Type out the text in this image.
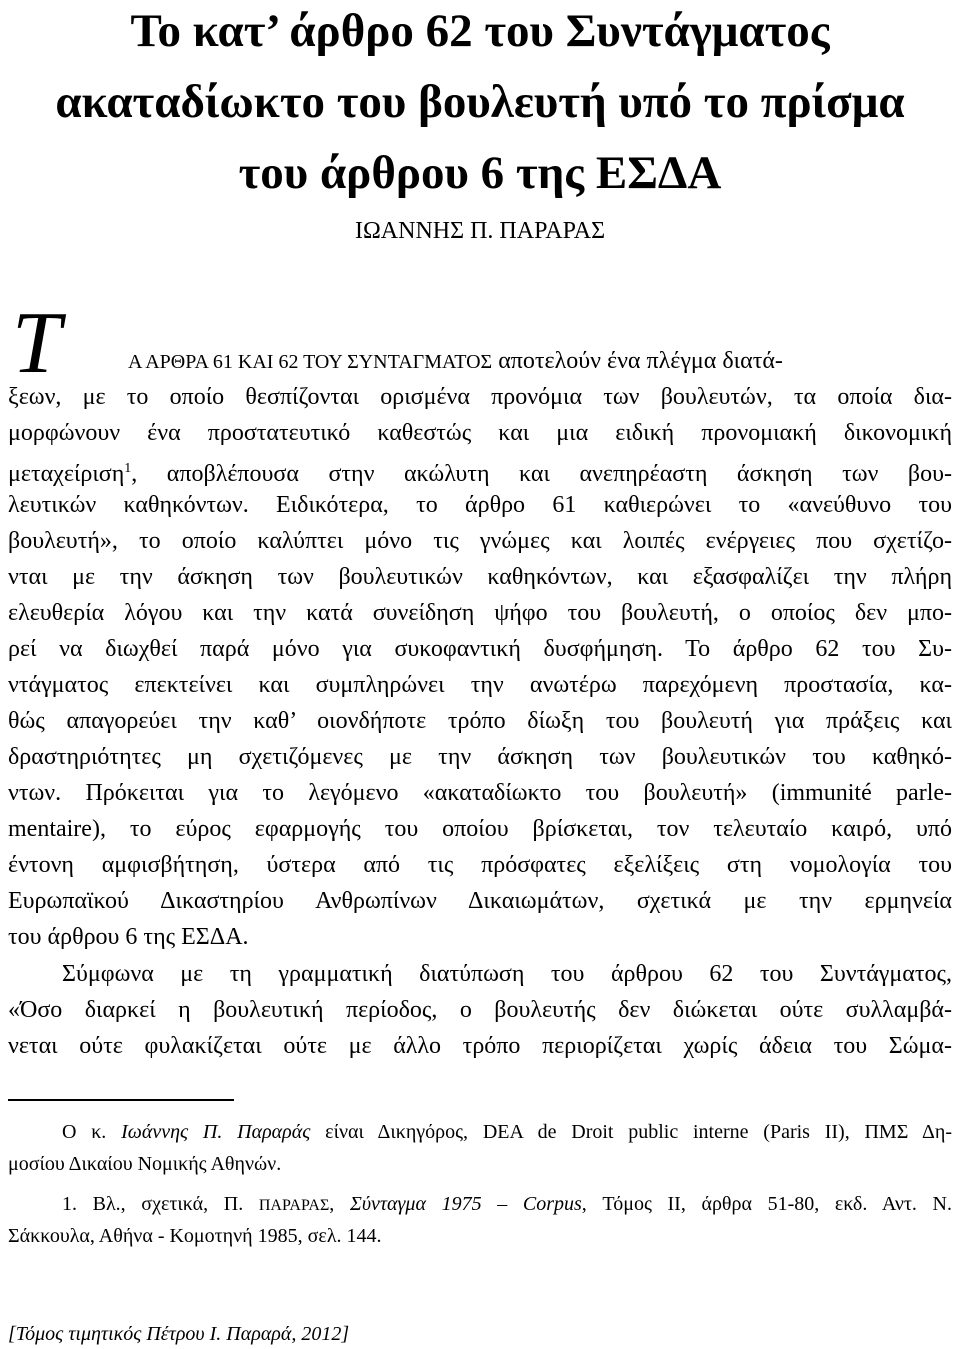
Το κατ’ άρθρο 62 του Συντάγματος
ακαταδίωκτο του βουλευτή υπό το πρίσμα
του άρθρου 6 της ΕΣΔΑ
ΙΩΑΝΝΗΣ Π. ΠΑΡΑΡΑΣ
Τ	Α ΑΡΘΡΑ 61 ΚΑΙ 62 ΤΟΥ ΣΥΝΤΑΓΜΑΤΟΣ αποτελούν ένα πλέγμα διατά-
ξεων, με το οποίο θεσπίζονται ορισμένα προνόμια των βουλευτών, τα οποία δια-
μορφώνουν ένα προστατευτικό καθεστώς και μια ειδική προνομιακή δικονομική
μεταχείριση$^1$, αποβλέπουσα στην ακώλυτη και ανεπηρέαστη άσκηση των βου-
λευτικών καθηκόντων. Ειδικότερα, το άρθρο 61 καθιερώνει το «ανεύθυνο του
βουλευτή», το οποίο καλύπτει μόνο τις γνώμες και λοιπές ενέργειες που σχετίζο-
νται με την άσκηση των βουλευτικών καθηκόντων, και εξασφαλίζει την πλήρη
ελευθερία λόγου και την κατά συνείδηση ψήφο του βουλευτή, ο οποίος δεν μπο-
ρεί να διωχθεί παρά μόνο για συκοφαντική δυσφήμηση. Το άρθρο 62 του Συ-
ντάγματος επεκτείνει και συμπληρώνει την ανωτέρω παρεχόμενη προστασία, κα-
θώς απαγορεύει την καθ’ οιονδήποτε τρόπο δίωξη του βουλευτή για πράξεις και
δραστηριότητες μη σχετιζόμενες με την άσκηση των βουλευτικών του καθηκό-
ντων. Πρόκειται για το λεγόμενο «ακαταδίωκτο του βουλευτή» (immunité parle-
mentaire), το εύρος εφαρμογής του οποίου βρίσκεται, τον τελευταίο καιρό, υπό
έντονη αμφισβήτηση, ύστερα από τις πρόσφατες εξελίξεις στη νομολογία του
Ευρωπαϊκού Δικαστηρίου Ανθρωπίνων Δικαιωμάτων, σχετικά με την ερμηνεία
του άρθρου 6 της ΕΣΔΑ.
Σύμφωνα με τη γραμματική διατύπωση του άρθρου 62 του Συντάγματος,
«Όσο διαρκεί η βουλευτική περίοδος, ο βουλευτής δεν διώκεται ούτε συλλαμβά-
νεται ούτε φυλακίζεται ούτε με άλλο τρόπο περιορίζεται χωρίς άδεια του Σώμα-
Ο κ. Ιωάννης Π. Παραράς είναι Δικηγόρος, DEA de Droit public interne (Paris II), ΠΜΣ Δη-
μοσίου Δικαίου Νομικής Αθηνών.
1. Βλ., σχετικά, Π. ΠΑΡΑΡΑΣ, Σύνταγμα 1975 – Corpus, Τόμος ΙΙ, άρθρα 51-80, εκδ. Αντ. Ν.
Σάκκουλα, Αθήνα - Κομοτηνή 1985, σελ. 144.
[Τόμος τιμητικός Πέτρου Ι. Παραρά, 2012]
